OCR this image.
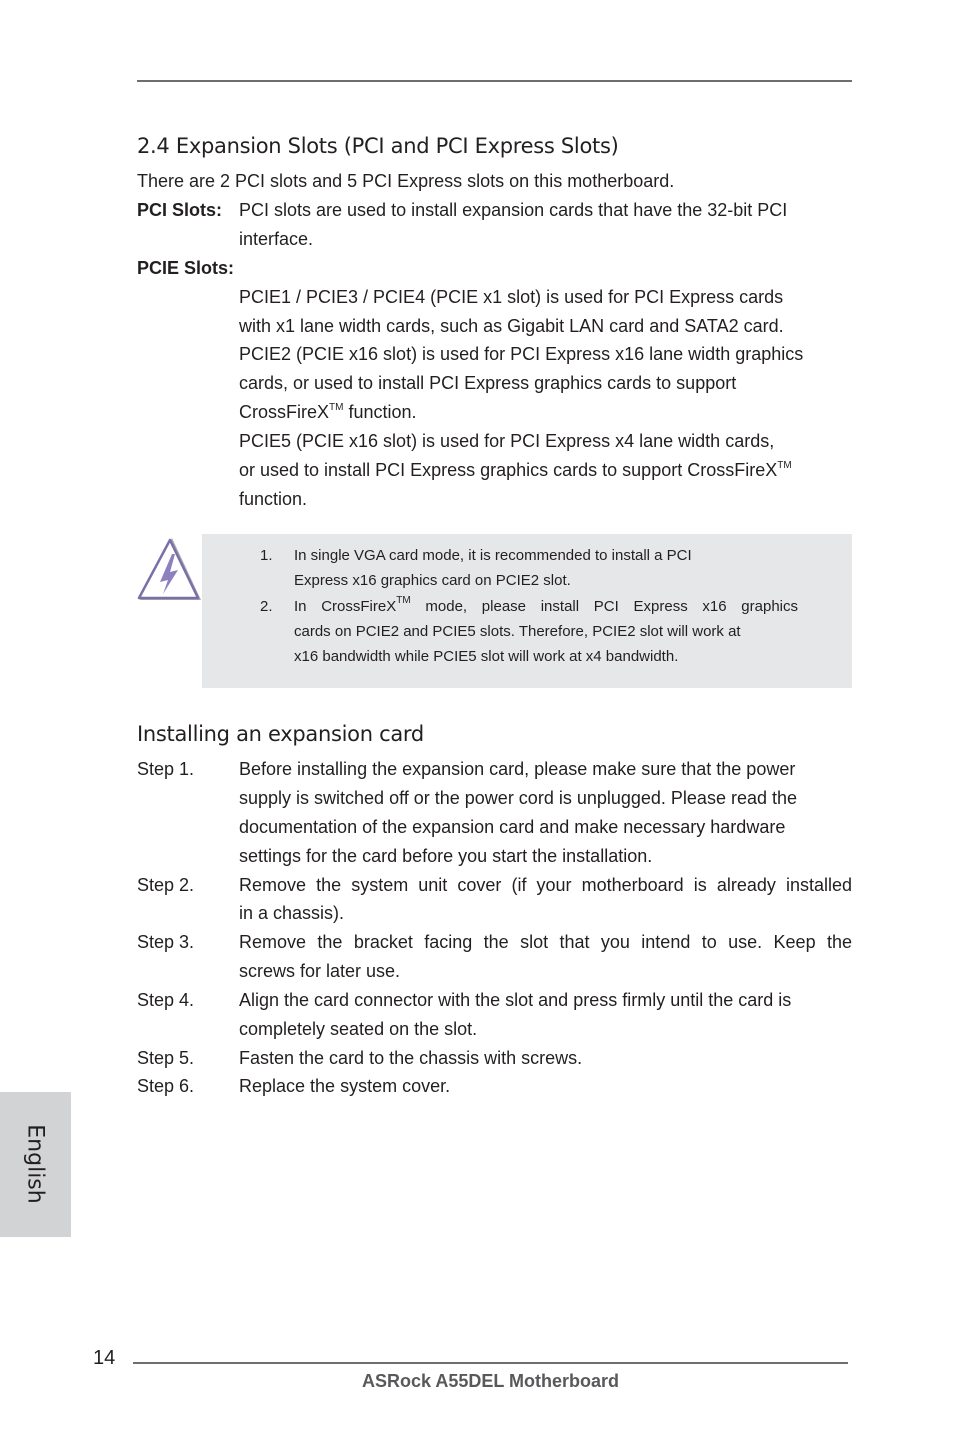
2.4 Expansion Slots (PCI and PCI Express Slots)
There are 2 PCI slots and 5 PCI Express slots on this motherboard.
PCI Slots: PCI slots are used to install expansion cards that have the 32-bit PCI
interface.
PCIE Slots:
PCIE1 / PCIE3 / PCIE4 (PCIE x1 slot) is used for PCI Express cards
with x1 lane width cards, such as Gigabit LAN card and SATA2 card.
PCIE2 (PCIE x16 slot) is used for PCI Express x16 lane width graphics
cards, or used to install PCI Express graphics cards to support
CrossFireX™ function.
PCIE5 (PCIE x16 slot) is used for PCI Express x4 lane width cards,
or used to install PCI Express graphics cards to support CrossFireX™
function.
1. In single VGA card mode, it is recommended to install a PCI
Express x16 graphics card on PCIE2 slot.
2. In CrossFireX™ mode, please install PCI Express x16 graphics
cards on PCIE2 and PCIE5 slots. Therefore, PCIE2 slot will work at
x16 bandwidth while PCIE5 slot will work at x4 bandwidth.
Installing an expansion card
Step 1. Before installing the expansion card, please make sure that the power
supply is switched off or the power cord is unplugged. Please read the
documentation of the expansion card and make necessary hardware
settings for the card before you start the installation.
Step 2. Remove the system unit cover (if your motherboard is already installed
in a chassis).
Step 3. Remove the bracket facing the slot that you intend to use. Keep the
screws for later use.
Step 4. Align the card connector with the slot and press firmly until the card is
completely seated on the slot.
Step 5. Fasten the card to the chassis with screws.
Step 6. Replace the system cover.
English
14
ASRock A55DEL Motherboard
